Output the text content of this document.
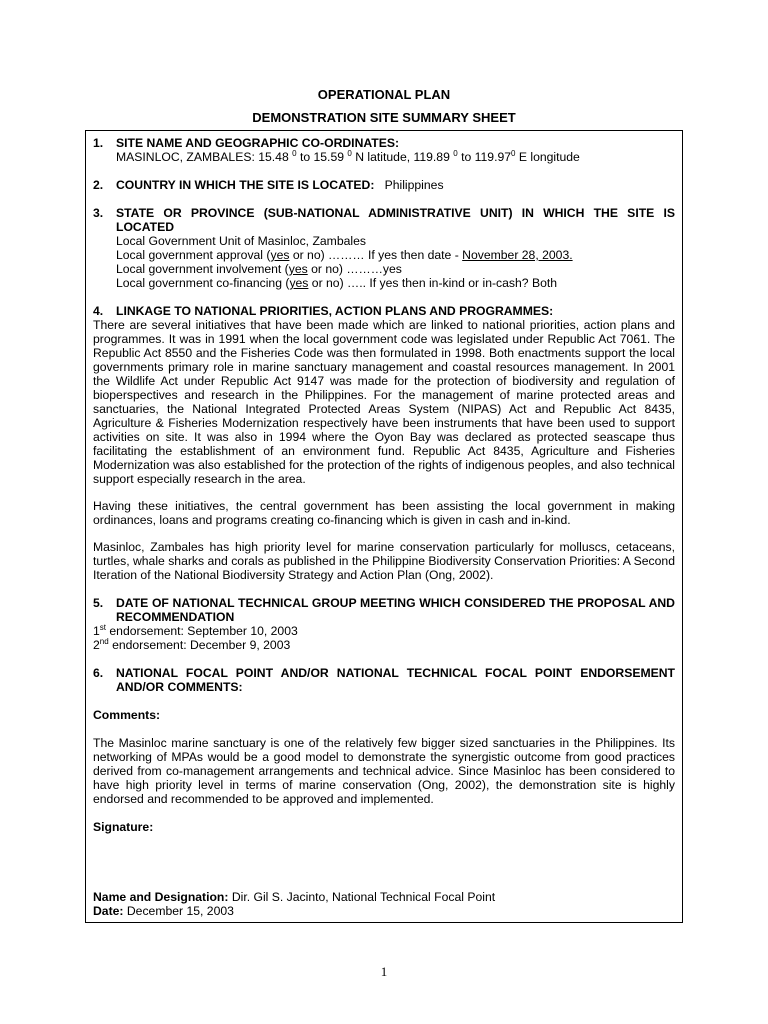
OPERATIONAL PLAN
DEMONSTRATION SITE SUMMARY SHEET
1.	SITE NAME AND GEOGRAPHIC CO-ORDINATES:
MASINLOC, ZAMBALES: 15.48 $^0$ to 15.59 $^0$ N latitude, 119.89 $^0$ to 119.97$^0$ E longitude
2.	COUNTRY IN WHICH THE SITE IS LOCATED: Philippines
3.	STATE OR PROVINCE (SUB-NATIONAL ADMINISTRATIVE UNIT) IN WHICH THE SITE IS LOCATED
Local Government Unit of Masinloc, Zambales
Local government approval (yes or no) ……… If yes then date - November 28, 2003.
Local government involvement (yes or no) ………yes
Local government co-financing (yes or no) ….. If yes then in-kind or in-cash? Both
4.	LINKAGE TO NATIONAL PRIORITIES, ACTION PLANS AND PROGRAMMES:

There are several initiatives that have been made which are linked to national priorities, action plans and programmes. It was in 1991 when the local government code was legislated under Republic Act 7061. The Republic Act 8550 and the Fisheries Code was then formulated in 1998. Both enactments support the local governments primary role in marine sanctuary management and coastal resources management. In 2001 the Wildlife Act under Republic Act 9147 was made for the protection of biodiversity and regulation of bioperspectives and research in the Philippines. For the management of marine protected areas and sanctuaries, the National Integrated Protected Areas System (NIPAS) Act and Republic Act 8435, Agriculture & Fisheries Modernization respectively have been instruments that have been used to support activities on site. It was also in 1994 where the Oyon Bay was declared as protected seascape thus facilitating the establishment of an environment fund. Republic Act 8435, Agriculture and Fisheries Modernization was also established for the protection of the rights of indigenous peoples, and also technical support especially research in the area.

Having these initiatives, the central government has been assisting the local government in making ordinances, loans and programs creating co-financing which is given in cash and in-kind.

Masinloc, Zambales has high priority level for marine conservation particularly for molluscs, cetaceans, turtles, whale sharks and corals as published in the Philippine Biodiversity Conservation Priorities: A Second Iteration of the National Biodiversity Strategy and Action Plan (Ong, 2002).

5.	DATE OF NATIONAL TECHNICAL GROUP MEETING WHICH CONSIDERED THE PROPOSAL AND RECOMMENDATION
1st endorsement: September 10, 2003
2nd endorsement: December 9, 2003
6.	NATIONAL FOCAL POINT AND/OR NATIONAL TECHNICAL FOCAL POINT ENDORSEMENT AND/OR COMMENTS:
Comments:

The Masinloc marine sanctuary is one of the relatively few bigger sized sanctuaries in the Philippines. Its networking of MPAs would be a good model to demonstrate the synergistic outcome from good practices derived from co-management arrangements and technical advice. Since Masinloc has been considered to have high priority level in terms of marine conservation (Ong, 2002), the demonstration site is highly endorsed and recommended to be approved and implemented.

Signature:
Name and Designation: Dir. Gil S. Jacinto, National Technical Focal Point
Date: December 15, 2003
1
